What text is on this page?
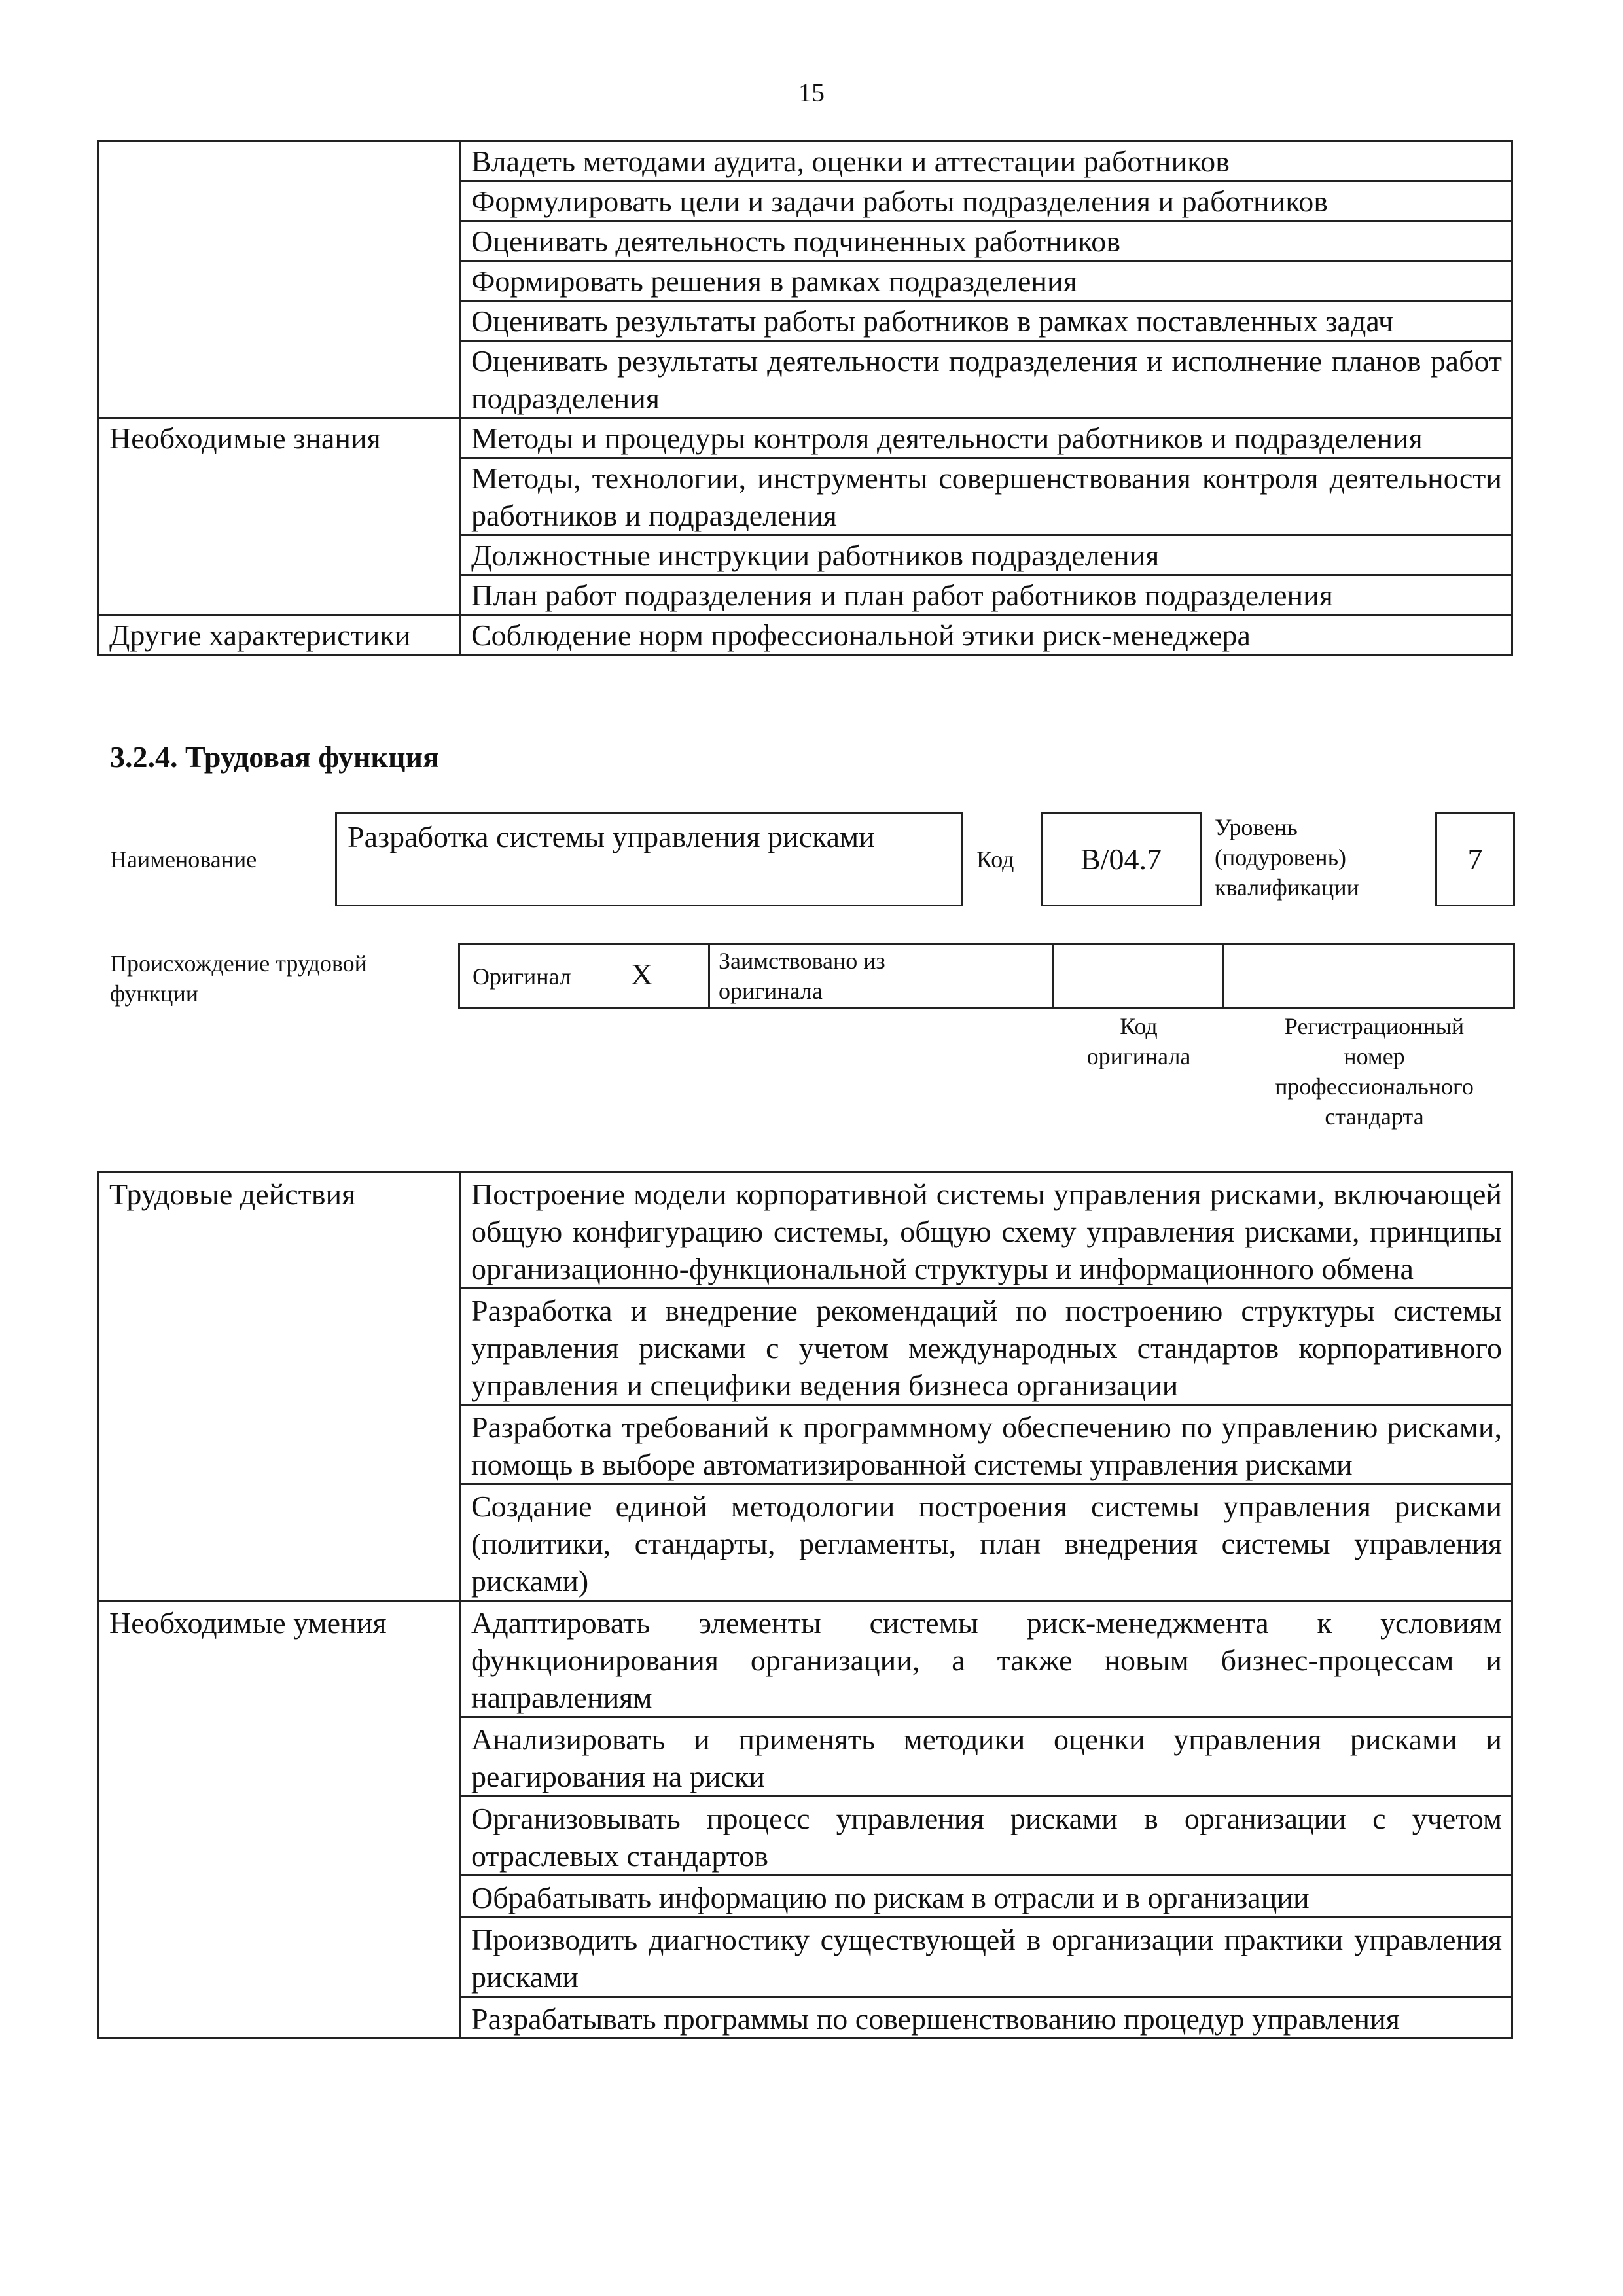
15
	Владеть методами аудита, оценки и аттестации работников
	Формулировать цели и задачи работы подразделения и работников
	Оценивать деятельность подчиненных работников
	Формировать решения в рамках подразделения
	Оценивать результаты работы работников в рамках поставленных задач
	Оценивать результаты деятельности подразделения и исполнение планов работ подразделения
Необходимые знания	Методы и процедуры контроля деятельности работников и подразделения
	Методы, технологии, инструменты совершенствования контроля деятельности работников и подразделения
	Должностные инструкции работников подразделения
	План работ подразделения и план работ работников подразделения
Другие характеристики	Соблюдение норм профессиональной этики риск-менеджера
3.2.4. Трудовая функция
Наименование
Разработка системы управления рисками
Код	B/04.7
Уровень
(подуровень)
квалификации
7
Происхождение трудовой
функции
Оригинал X	Заимствовано из
оригинала
Код
оригинала
Регистрационный
номер
профессионального
стандарта
Трудовые действия	Построение модели корпоративной системы управления рисками, включающей общую конфигурацию системы, общую схему управления рисками, принципы организационно-функциональной структуры и информационного обмена
	Разработка и внедрение рекомендаций по построению структуры системы управления рисками с учетом международных стандартов корпоративного управления и специфики ведения бизнеса организации
	Разработка требований к программному обеспечению по управлению рисками, помощь в выборе автоматизированной системы управления рисками
	Создание единой методологии построения системы управления рисками (политики, стандарты, регламенты, план внедрения системы управления рисками)
Необходимые умения	Адаптировать элементы системы риск-менеджмента к условиям функционирования организации, а также новым бизнес-процессам и направлениям
	Анализировать и применять методики оценки управления рисками и реагирования на риски
	Организовывать процесс управления рисками в организации с учетом отраслевых стандартов
	Обрабатывать информацию по рискам в отрасли и в организации
	Производить диагностику существующей в организации практики управления рисками
	Разрабатывать программы по совершенствованию процедур управления
